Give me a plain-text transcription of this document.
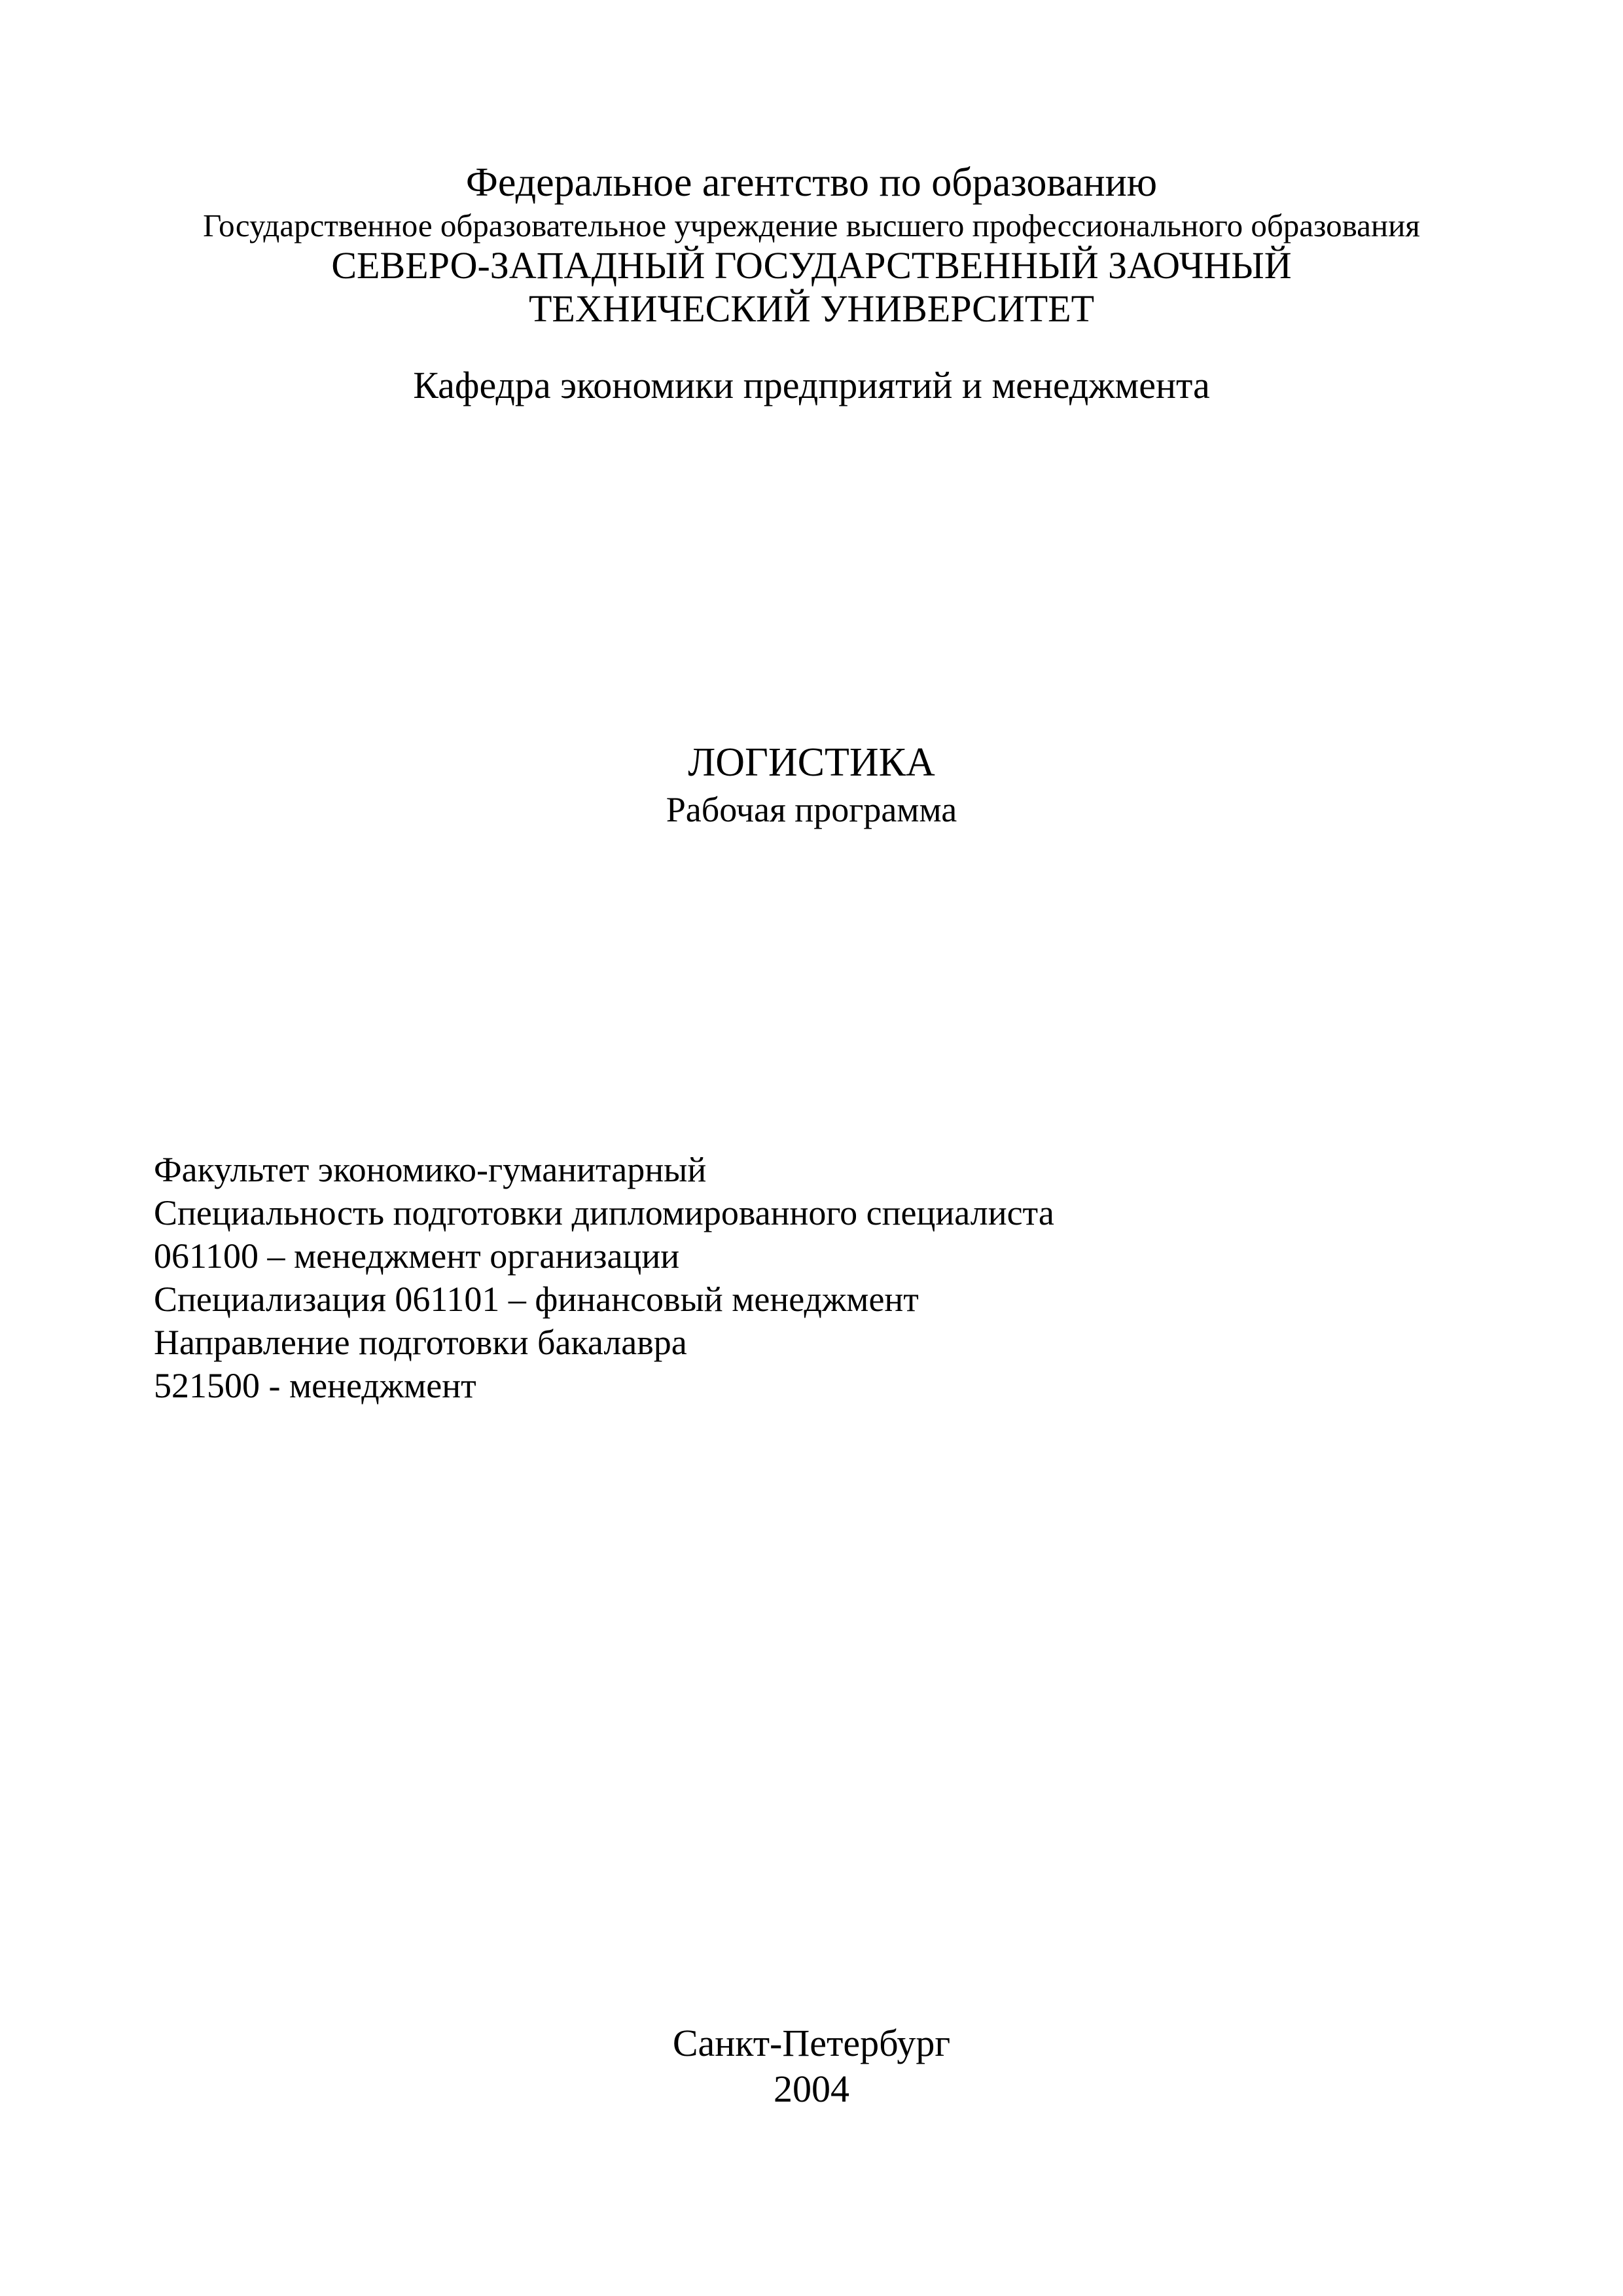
Федеральное агентство по образованию
Государственное образовательное учреждение высшего профессионального образования
СЕВЕРО-ЗАПАДНЫЙ ГОСУДАРСТВЕННЫЙ ЗАОЧНЫЙ
ТЕХНИЧЕСКИЙ УНИВЕРСИТЕТ
Кафедра экономики предприятий и менеджмента
ЛОГИСТИКА
Рабочая программа
Факультет экономико-гуманитарный
Специальность подготовки дипломированного специалиста
061100 – менеджмент организации
Специализация 061101 – финансовый менеджмент
Направление подготовки бакалавра
521500 - менеджмент
Санкт-Петербург
2004
